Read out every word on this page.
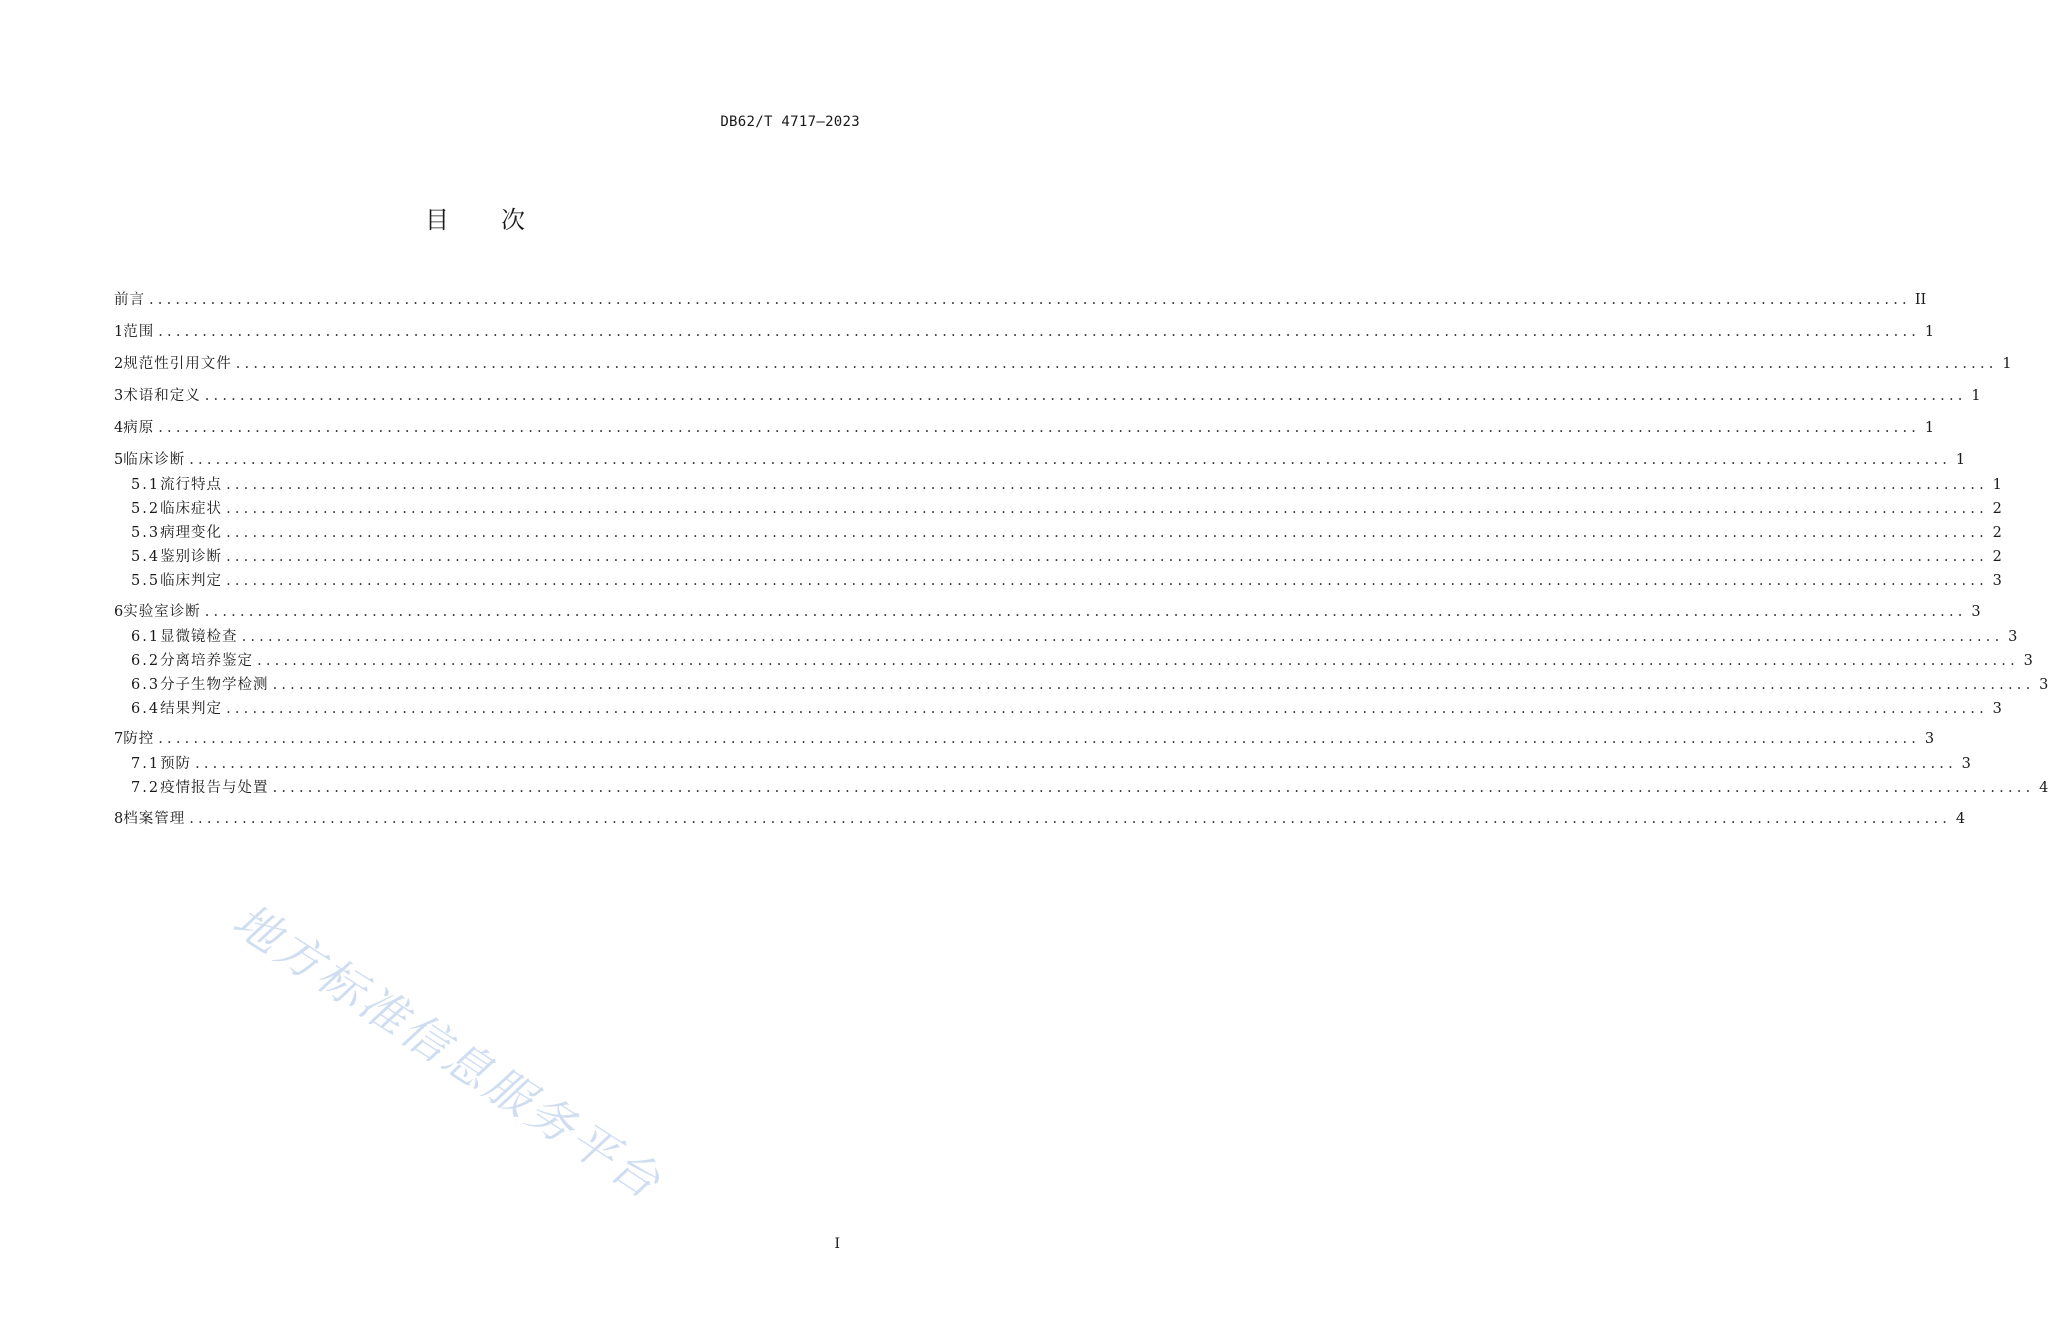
DB62/T 4717—2023
目次
前言 ........................................................................................................................................................................................................ II
1 范围 ........................................................................................................................................................................................................ 1
2 规范性引用文件 ........................................................................................................................................................................................................ 1
3 术语和定义 ........................................................................................................................................................................................................ 1
4 病原 ........................................................................................................................................................................................................ 1
5 临床诊断 ........................................................................................................................................................................................................ 1
5.1 流行特点 ........................................................................................................................................................................................................ 1
5.2 临床症状 ........................................................................................................................................................................................................ 2
5.3 病理变化 ........................................................................................................................................................................................................ 2
5.4 鉴别诊断 ........................................................................................................................................................................................................ 2
5.5 临床判定 ........................................................................................................................................................................................................ 3
6 实验室诊断 ........................................................................................................................................................................................................ 3
6.1 显微镜检查 ........................................................................................................................................................................................................ 3
6.2 分离培养鉴定 ........................................................................................................................................................................................................ 3
6.3 分子生物学检测 ........................................................................................................................................................................................................ 3
6.4 结果判定 ........................................................................................................................................................................................................ 3
7 防控 ........................................................................................................................................................................................................ 3
7.1 预防 ........................................................................................................................................................................................................ 3
7.2 疫情报告与处置 ........................................................................................................................................................................................................ 4
8 档案管理 ........................................................................................................................................................................................................ 4
I
地方标准信息服务平台
